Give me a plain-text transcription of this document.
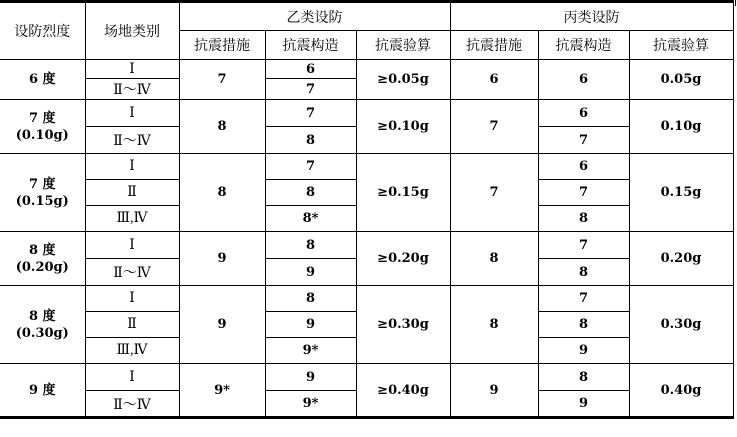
设防烈度	场地类别	乙类设防			丙类设防		
		抗震措施	抗震构造	抗震验算	抗震措施	抗震构造	抗震验算

6 度	Ⅰ	7	6	≥0.05g	6	6	0.05g
	Ⅱ～Ⅳ		7				

7 度
(0.10g)	Ⅰ	8	7	≥0.10g	7	6	0.10g
	Ⅱ～Ⅳ		8			7	

7 度
(0.15g)	Ⅰ	8	7	≥0.15g	7	6	0.15g
	Ⅱ		8			7	
	Ⅲ,Ⅳ		8*			8	

8 度
(0.20g)	Ⅰ	9	8	≥0.20g	8	7	0.20g
	Ⅱ～Ⅳ		9			8	

8 度
(0.30g)	Ⅰ	9	8	≥0.30g	8	7	0.30g
	Ⅱ		9			8	
	Ⅲ,Ⅳ		9*			9	

9 度	Ⅰ	9*	9	≥0.40g	9	8	0.40g
	Ⅱ～Ⅳ		9*			9	
